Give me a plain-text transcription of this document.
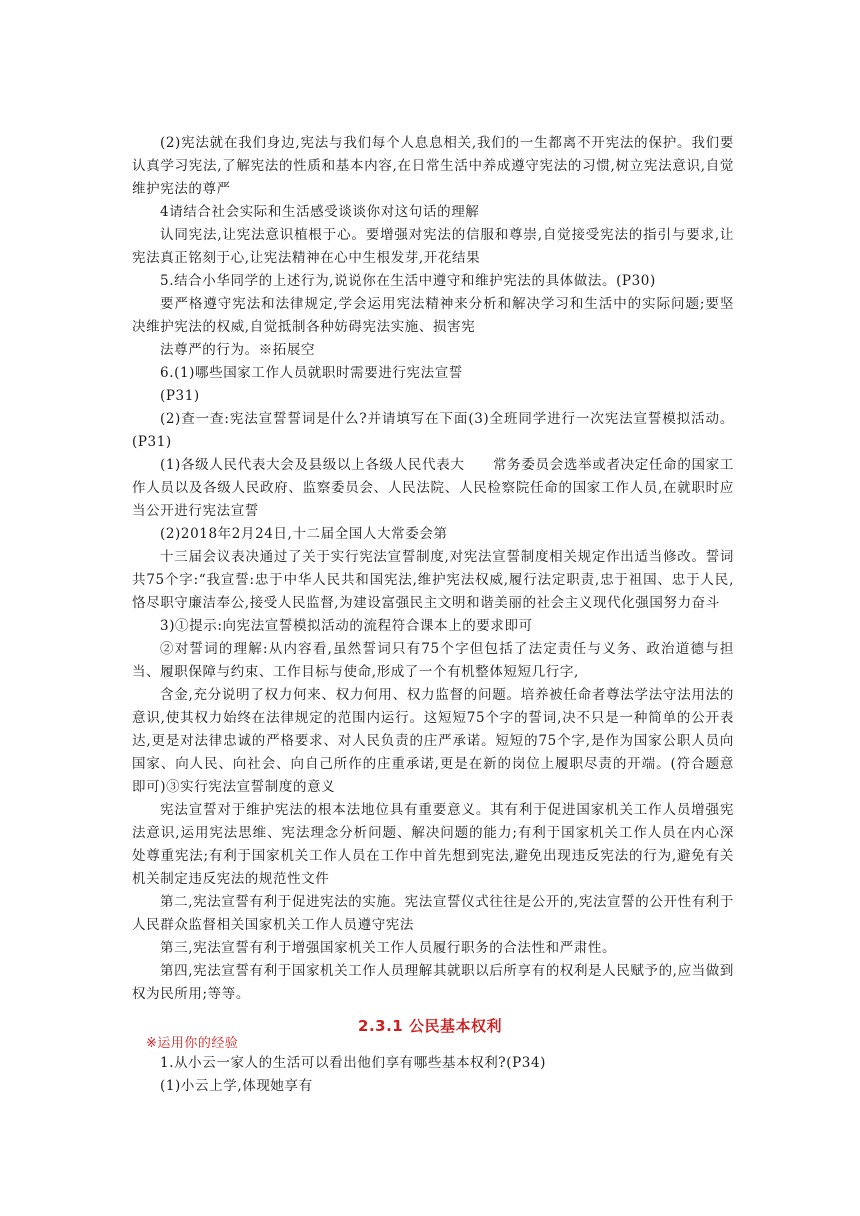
(2)宪法就在我们身边,宪法与我们每个人息息相关,我们的一生都离不开宪法的保护。我们要认真学习宪法,了解宪法的性质和基本内容,在日常生活中养成遵守宪法的习惯,树立宪法意识,自觉维护宪法的尊严

4请结合社会实际和生活感受谈谈你对这句话的理解

认同宪法,让宪法意识植根于心。要增强对宪法的信服和尊崇,自觉接受宪法的指引与要求,让宪法真正铭刻于心,让宪法精神在心中生根发芽,开花结果

5.结合小华同学的上述行为,说说你在生活中遵守和维护宪法的具体做法。(P30)

要严格遵守宪法和法律规定,学会运用宪法精神来分析和解决学习和生活中的实际问题;要坚决维护宪法的权威,自觉抵制各种妨碍宪法实施、损害宪

法尊严的行为。※拓展空

6.(1)哪些国家工作人员就职时需要进行宪法宣誓

(P31)

(2)查一查:宪法宣誓誓词是什么?并请填写在下面(3)全班同学进行一次宪法宣誓模拟活动。(P31)

(1)各级人民代表大会及县级以上各级人民代表大　　常务委员会选举或者决定任命的国家工作人员以及各级人民政府、监察委员会、人民法院、人民检察院任命的国家工作人员,在就职时应当公开进行宪法宣誓

(2)2018年2月24日,十二届全国人大常委会第

十三届会议表决通过了关于实行宪法宣誓制度,对宪法宣誓制度相关规定作出适当修改。誓词共75个字:“我宣誓:忠于中华人民共和国宪法,维护宪法权威,履行法定职责,忠于祖国、忠于人民,恪尽职守廉洁奉公,接受人民监督,为建设富强民主文明和谐美丽的社会主义现代化强国努力奋斗

3)①提示:向宪法宣誓模拟活动的流程符合课本上的要求即可

②对誓词的理解:从内容看,虽然誓词只有75个字但包括了法定责任与义务、政治道德与担当、履职保障与约束、工作目标与使命,形成了一个有机整体短短几行字,

含金,充分说明了权力何来、权力何用、权力监督的问题。培养被任命者尊法学法守法用法的意识,使其权力始终在法律规定的范围内运行。这短短75个字的誓词,决不只是一种简单的公开表达,更是对法律忠诚的严格要求、对人民负责的庄严承诺。短短的75个字,是作为国家公职人员向国家、向人民、向社会、向自己所作的庄重承诺,更是在新的岗位上履职尽责的开端。(符合题意即可)③实行宪法宣誓制度的意义

宪法宣誓对于维护宪法的根本法地位具有重要意义。其有利于促进国家机关工作人员增强宪法意识,运用宪法思维、宪法理念分析问题、解决问题的能力;有利于国家机关工作人员在内心深处尊重宪法;有利于国家机关工作人员在工作中首先想到宪法,避免出现违反宪法的行为,避免有关机关制定违反宪法的规范性文件

第二,宪法宣誓有利于促进宪法的实施。宪法宣誓仪式往往是公开的,宪法宣誓的公开性有利于人民群众监督相关国家机关工作人员遵守宪法

第三,宪法宣誓有利于增强国家机关工作人员履行职务的合法性和严肃性。

第四,宪法宣誓有利于国家机关工作人员理解其就职以后所享有的权利是人民赋予的,应当做到权为民所用;等等。

2.3.1 公民基本权利

※运用你的经验

1.从小云一家人的生活可以看出他们享有哪些基本权利?(P34)

(1)小云上学,体现她享有
